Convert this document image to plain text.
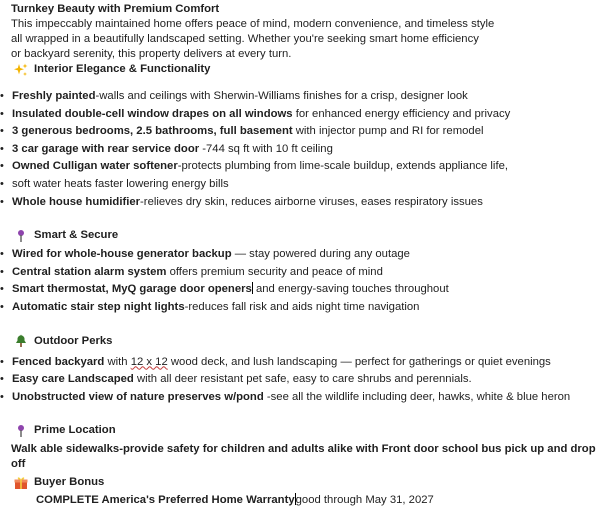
Turnkey Beauty with Premium Comfort
This impeccably maintained home offers peace of mind, modern convenience, and timeless style
all wrapped in a beautifully landscaped setting. Whether you're seeking smart home efficiency
or backyard serenity, this property delivers at every turn.
Interior Elegance & Functionality
• Freshly painted-walls and ceilings with Sherwin-Williams finishes for a crisp, designer look
• Insulated double-cell window drapes on all windows for enhanced energy efficiency and privacy
• 3 generous bedrooms, 2.5 bathrooms, full basement with injector pump and RI for remodel
• 3 car garage with rear service door -744 sq ft with 10 ft ceiling
• Owned Culligan water softener-protects plumbing from lime-scale buildup, extends appliance life,
• soft water heats faster lowering energy bills
• Whole house humidifier-relieves dry skin, reduces airborne viruses, eases respiratory issues
Smart & Secure
• Wired for whole-house generator backup — stay powered during any outage
• Central station alarm system offers premium security and peace of mind
• Smart thermostat, MyQ garage door openers and energy-saving touches throughout
• Automatic stair step night lights-reduces fall risk and aids night time navigation
Outdoor Perks
• Fenced backyard with 12 x 12 wood deck, and lush landscaping — perfect for gatherings or quiet evenings
• Easy care Landscaped with all deer resistant pet safe, easy to care shrubs and perennials.
• Unobstructed view of nature preserves w/pond -see all the wildlife including deer, hawks, white & blue heron
Prime Location
Walk able sidewalks-provide safety for children and adults alike with Front door school bus pick up and drop
off
Buyer Bonus
COMPLETE America's Preferred Home Warrantygood through May 31, 2027
